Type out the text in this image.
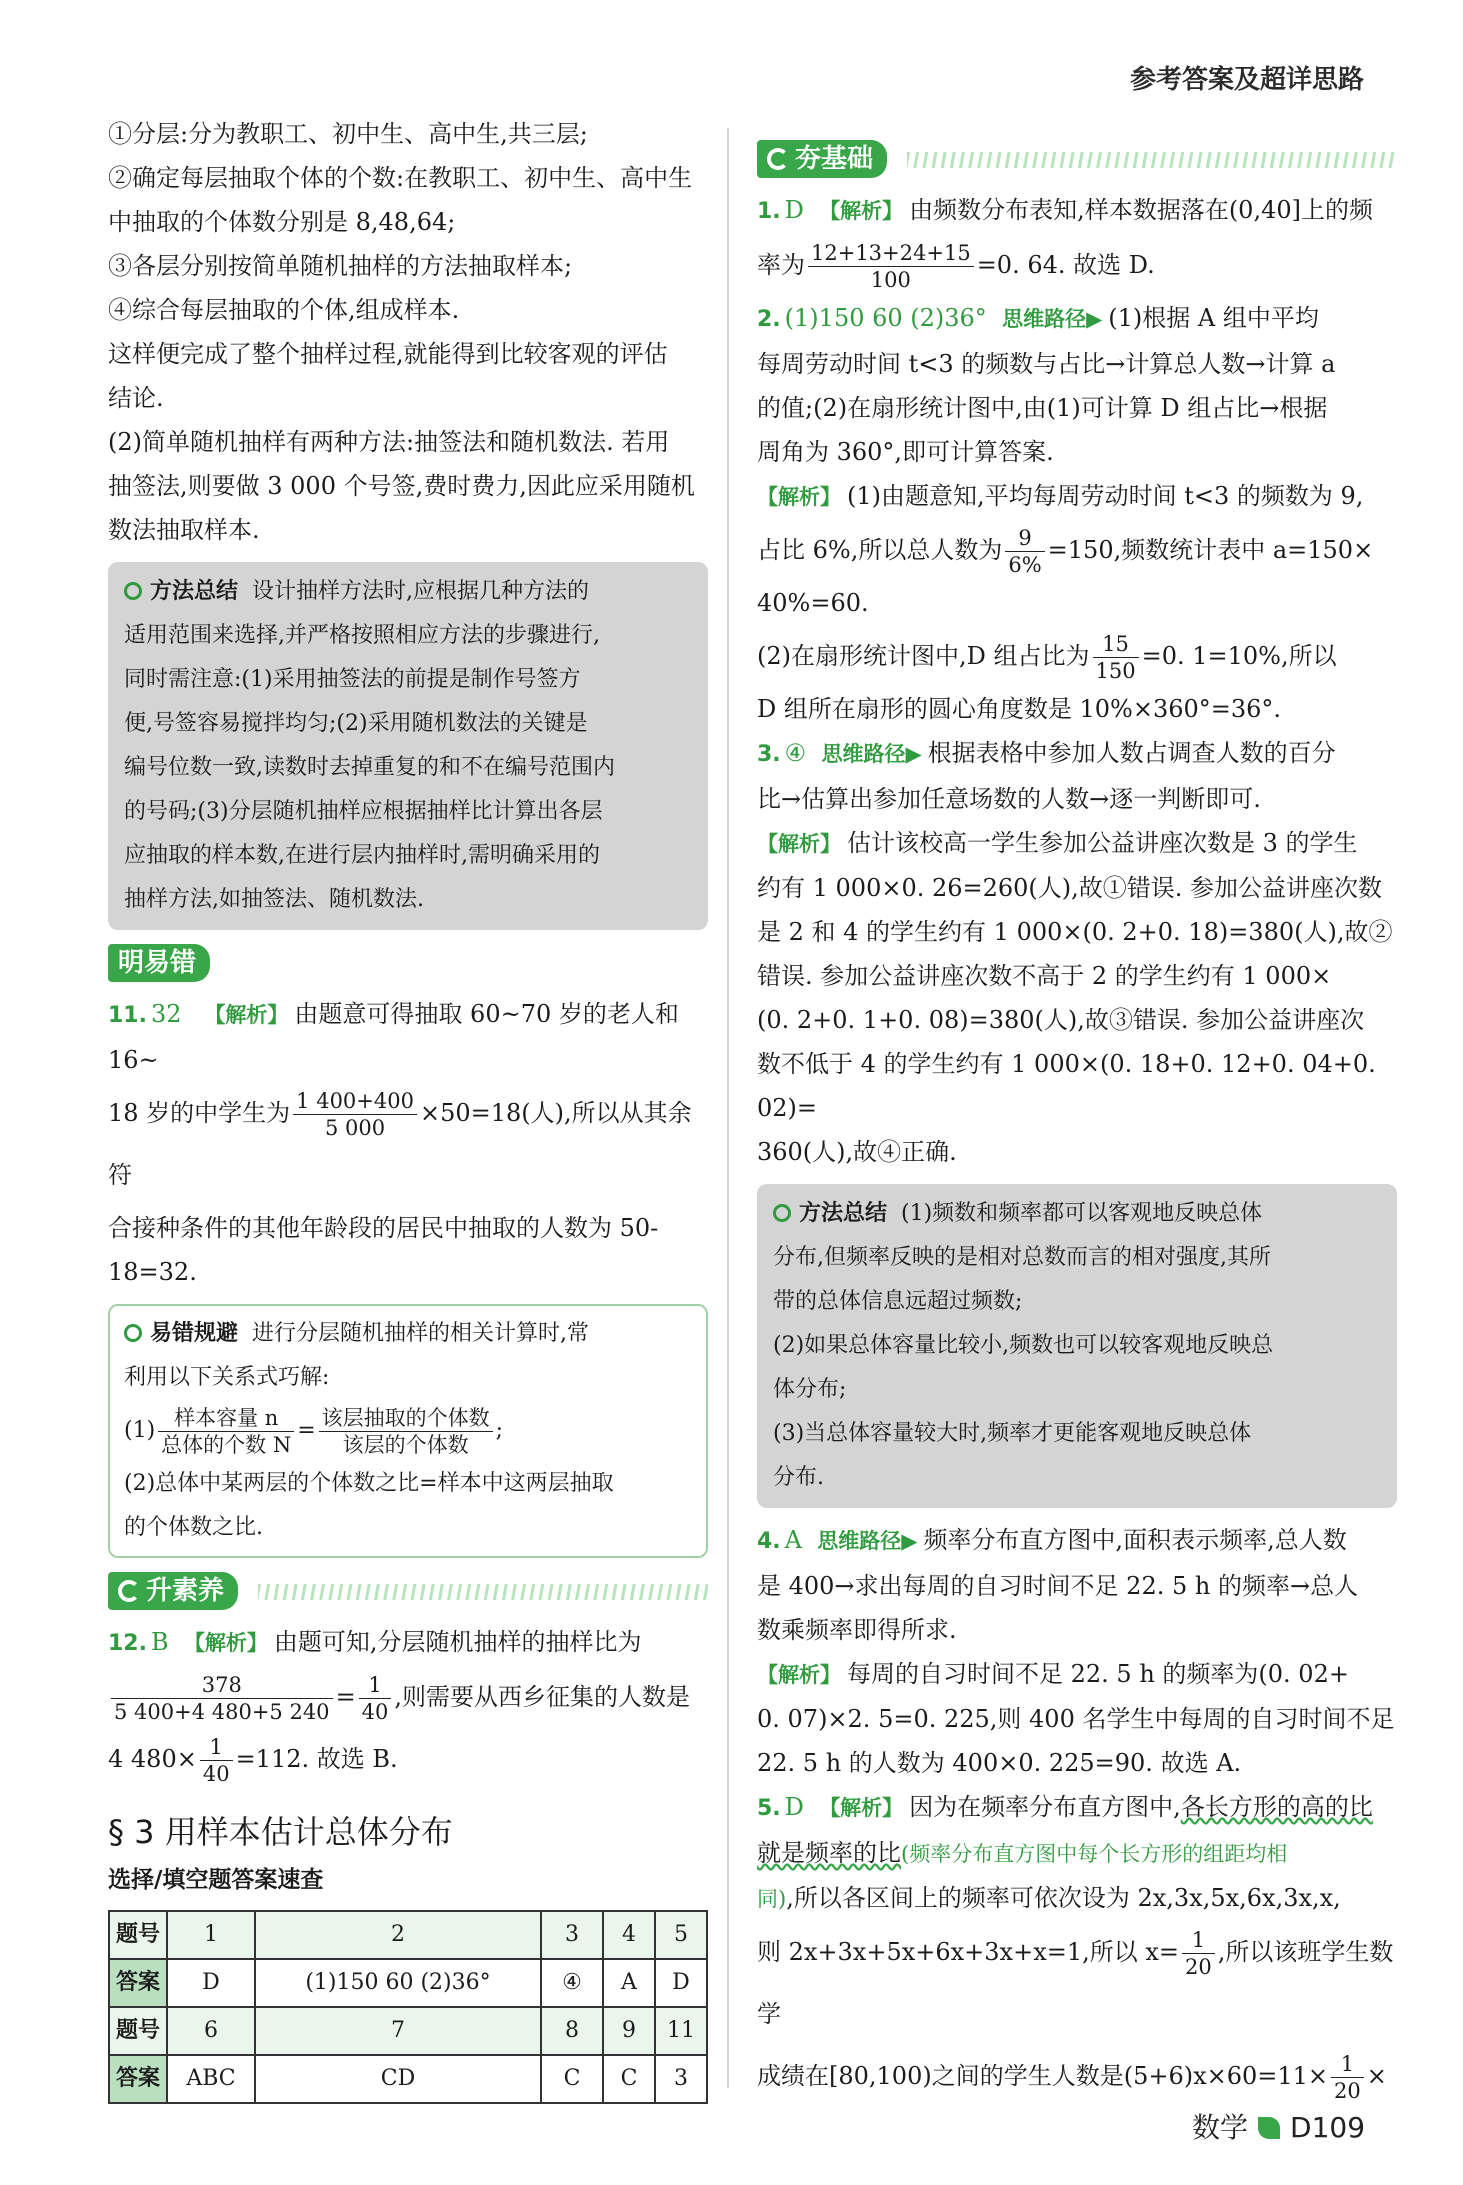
参考答案及超详思路

①分层:分为教职工、初中生、高中生,共三层;

②确定每层抽取个体的个数:在教职工、初中生、高中生

中抽取的个体数分别是 8,48,64;

③各层分别按简单随机抽样的方法抽取样本;

④综合每层抽取的个体,组成样本.

这样便完成了整个抽样过程,就能得到比较客观的评估

结论.

(2)简单随机抽样有两种方法:抽签法和随机数法. 若用

抽签法,则要做 3 000 个号签,费时费力,因此应采用随机

数法抽取样本.

方法总结 设计抽样方法时,应根据几种方法的

适用范围来选择,并严格按照相应方法的步骤进行,

同时需注意:(1)采用抽签法的前提是制作号签方

便,号签容易搅拌均匀;(2)采用随机数法的关键是

编号位数一致,读数时去掉重复的和不在编号范围内

的号码;(3)分层随机抽样应根据抽样比计算出各层

应抽取的样本数,在进行层内抽样时,需明确采用的

抽样方法,如抽签法、随机数法.

明易错

11. 32 【解析】 由题意可得抽取 60~70 岁的老人和 16~

18 岁的中学生为 $\frac{1 400+400}{5 000} \times 50=18$(人),所以从其余符

合接种条件的其他年龄段的居民中抽取的人数为 50-

18=32.

易错规避 进行分层随机抽样的相关计算时,常

利用以下关系式巧解:

$(1) \frac{\text{样本容量 n}}{\text{总体的个数 N}} = \frac{\text{该层抽取的个体数}}{\text{该层的个体数}}$ ;

(2)总体中某两层的个体数之比=样本中这两层抽取

的个体数之比.

升素养

12. B 【解析】 由题可知,分层随机抽样的抽样比为

$\frac{378}{5 400+4 480+5 240} = \frac{1}{40}$ ,则需要从西乡征集的人数是

4 $480\times \frac{1}{40} =112$. 故选 B.

§ 3 用样本估计总体分布
选择/填空题答案速查
题号	1	2	3	4	5
答案	D	(1)150 60 (2)36°	④	A	D
题号	6	7	8	9	11
答案	ABC	CD	C	C	3
夯基础

1. D 【解析】 由频数分布表知,样本数据落在(0,40]上的频

率为 $\frac{12+13+24+15}{100} =0$. 64. 故选 D.

2. (1)150 60 (2)36° 思维路径▶ (1)根据 A 组中平均

每周劳动时间 t<3 的频数与占比→计算总人数→计算 a

的值;(2)在扇形统计图中,由(1)可计算 D 组占比→根据

周角为 360°,即可计算答案.

【解析】 (1)由题意知,平均每周劳动时间 t<3 的频数为 9,

占比 6%,所以总人数为 $\frac{9}{6\%} =150$,频数统计表中 a=150×

40%=60.

(2)在扇形统计图中,D 组占比为 $\frac{15}{150} =0$. 1=10%,所以

D 组所在扇形的圆心角度数是 10%×360°=36°.

3. ④ 思维路径▶ 根据表格中参加人数占调查人数的百分

比→估算出参加任意场数的人数→逐一判断即可.

【解析】 估计该校高一学生参加公益讲座次数是 3 的学生

约有 1 000×0. 26=260(人),故①错误. 参加公益讲座次数

是 2 和 4 的学生约有 1 000×(0. 2+0. 18)=380(人),故②

错误. 参加公益讲座次数不高于 2 的学生约有 1 000×

(0. 2+0. 1+0. 08)=380(人),故③错误. 参加公益讲座次

数不低于 4 的学生约有 1 000×(0. 18+0. 12+0. 04+0. 02)=

360(人),故④正确.

方法总结 (1)频数和频率都可以客观地反映总体

分布,但频率反映的是相对总数而言的相对强度,其所

带的总体信息远超过频数;

(2)如果总体容量比较小,频数也可以较客观地反映总

体分布;

(3)当总体容量较大时,频率才更能客观地反映总体

分布.

4. A 思维路径▶ 频率分布直方图中,面积表示频率,总人数

是 400→求出每周的自习时间不足 22. 5 h 的频率→总人

数乘频率即得所求.

【解析】 每周的自习时间不足 22. 5 h 的频率为(0. 02+

0. 07)×2. 5=0. 225,则 400 名学生中每周的自习时间不足

22. 5 h 的人数为 400×0. 225=90. 故选 A.

5. D 【解析】 因为在频率分布直方图中,各长方形的高的比

就是频率的比(频率分布直方图中每个长方形的组距均相

同),所以各区间上的频率可依次设为 2x,3x,5x,6x,3x,x,

则 2x+3x+5x+6x+3x+x=1,所以 $x= \frac{1}{20}$ ,所以该班学生数学

成绩在[80,100)之间的学生人数是$(5+6)x\times 60=11\times \frac{1}{20}$ ×

数学 D109
